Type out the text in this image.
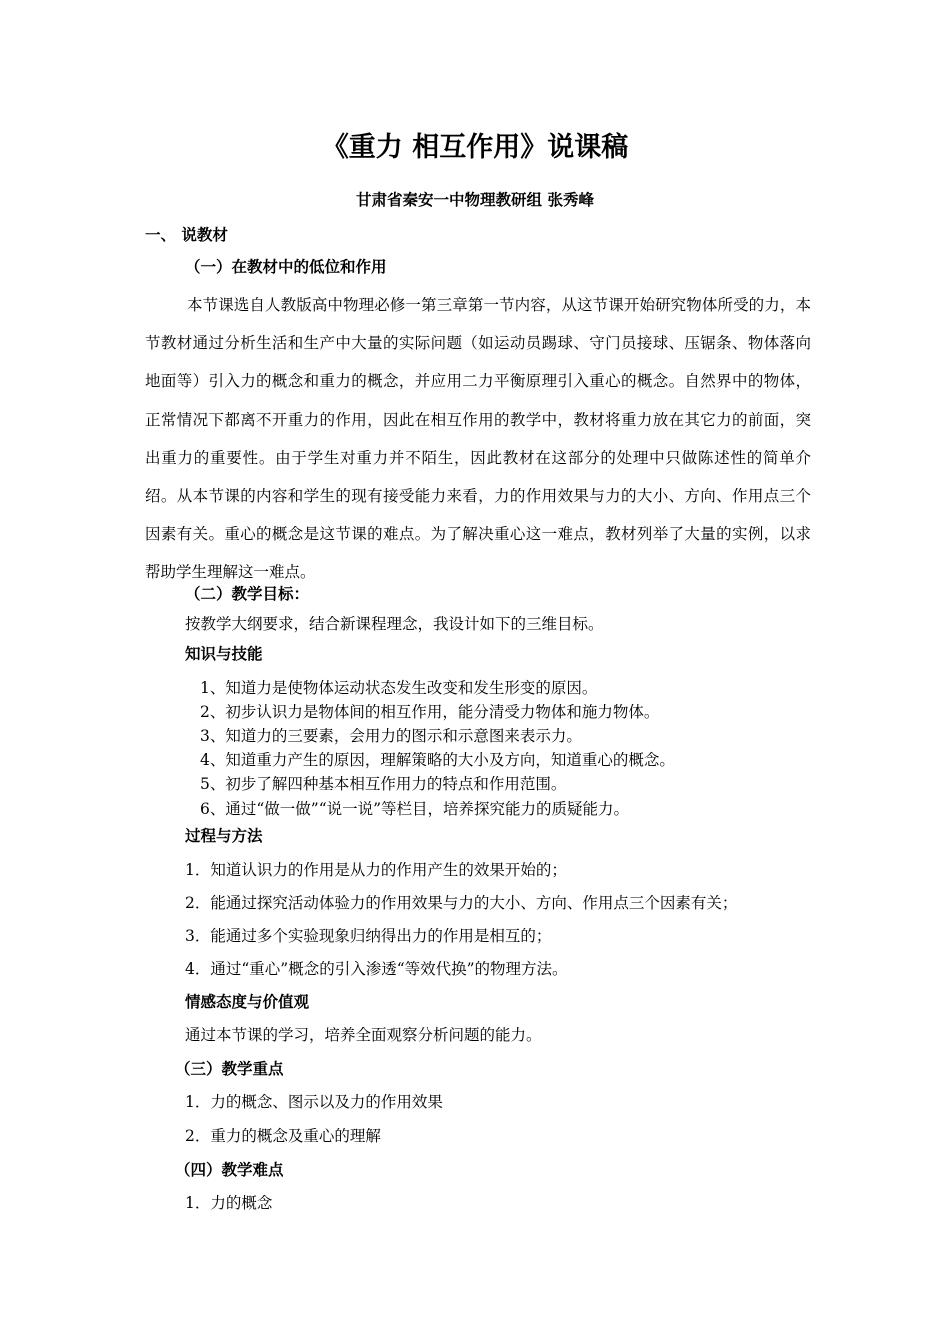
《重力 相互作用》说课稿
甘肃省秦安一中物理教研组 张秀峰
一、 说教材
（一）在教材中的低位和作用
本节课选自人教版高中物理必修一第三章第一节内容，从这节课开始研究物体所受的力，本节教材通过分析生活和生产中大量的实际问题（如运动员踢球、守门员接球、压锯条、物体落向地面等）引入力的概念和重力的概念，并应用二力平衡原理引入重心的概念。自然界中的物体，正常情况下都离不开重力的作用，因此在相互作用的教学中，教材将重力放在其它力的前面，突出重力的重要性。由于学生对重力并不陌生，因此教材在这部分的处理中只做陈述性的简单介绍。从本节课的内容和学生的现有接受能力来看，力的作用效果与力的大小、方向、作用点三个因素有关。重心的概念是这节课的难点。为了解决重心这一难点，教材列举了大量的实例，以求帮助学生理解这一难点。
（二）教学目标：
按教学大纲要求，结合新课程理念，我设计如下的三维目标。
知识与技能
1、知道力是使物体运动状态发生改变和发生形变的原因。
2、初步认识力是物体间的相互作用，能分清受力物体和施力物体。
3、知道力的三要素，会用力的图示和示意图来表示力。
4、知道重力产生的原因，理解策略的大小及方向，知道重心的概念。
5、初步了解四种基本相互作用力的特点和作用范围。
6、通过“做一做”“说一说”等栏目，培养探究能力的质疑能力。
过程与方法
1．知道认识力的作用是从力的作用产生的效果开始的；
2．能通过探究活动体验力的作用效果与力的大小、方向、作用点三个因素有关；
3．能通过多个实验现象归纳得出力的作用是相互的；
4．通过“重心”概念的引入渗透“等效代换”的物理方法。
情感态度与价值观
通过本节课的学习，培养全面观察分析问题的能力。
（三）教学重点
1．力的概念、图示以及力的作用效果
2．重力的概念及重心的理解
（四）教学难点
1．力的概念
